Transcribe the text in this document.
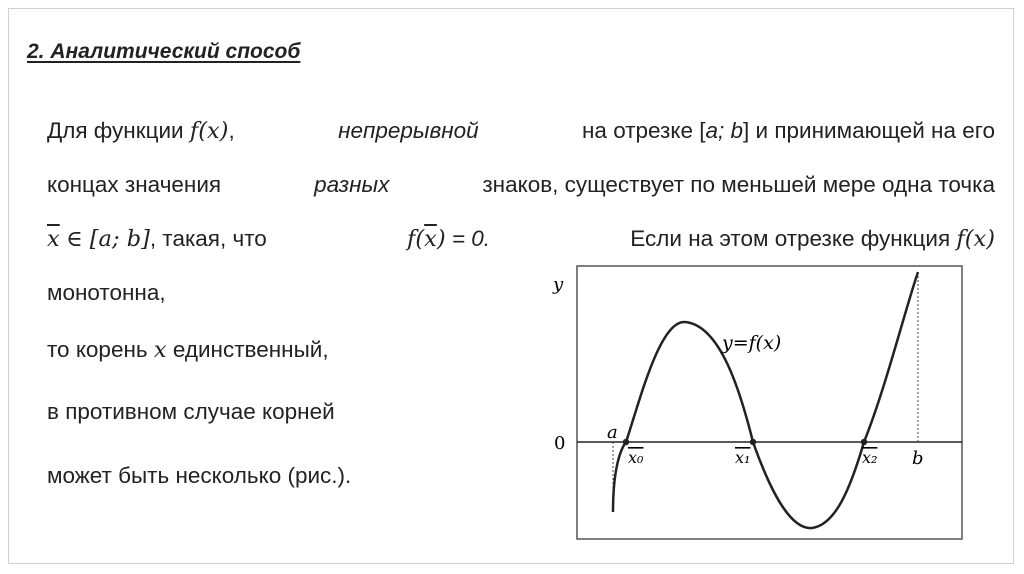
2. Аналитический способ
Для функции f(x),	непрерывной	на отрезке [a; b] и принимающей на его
концах значения	разных	знаков, существует по меньшей мере одна точка
$\overline{x}$ ∈ [a; b], такая, что	$f(\overline{x}) = 0$.	Если на этом отрезке функция f(x)
монотонна,
то корень x единственный,
в противном случае корней
может быть несколько (рис.).
y
0
y=f(x)
a
x₀	x₁	x₂ b
